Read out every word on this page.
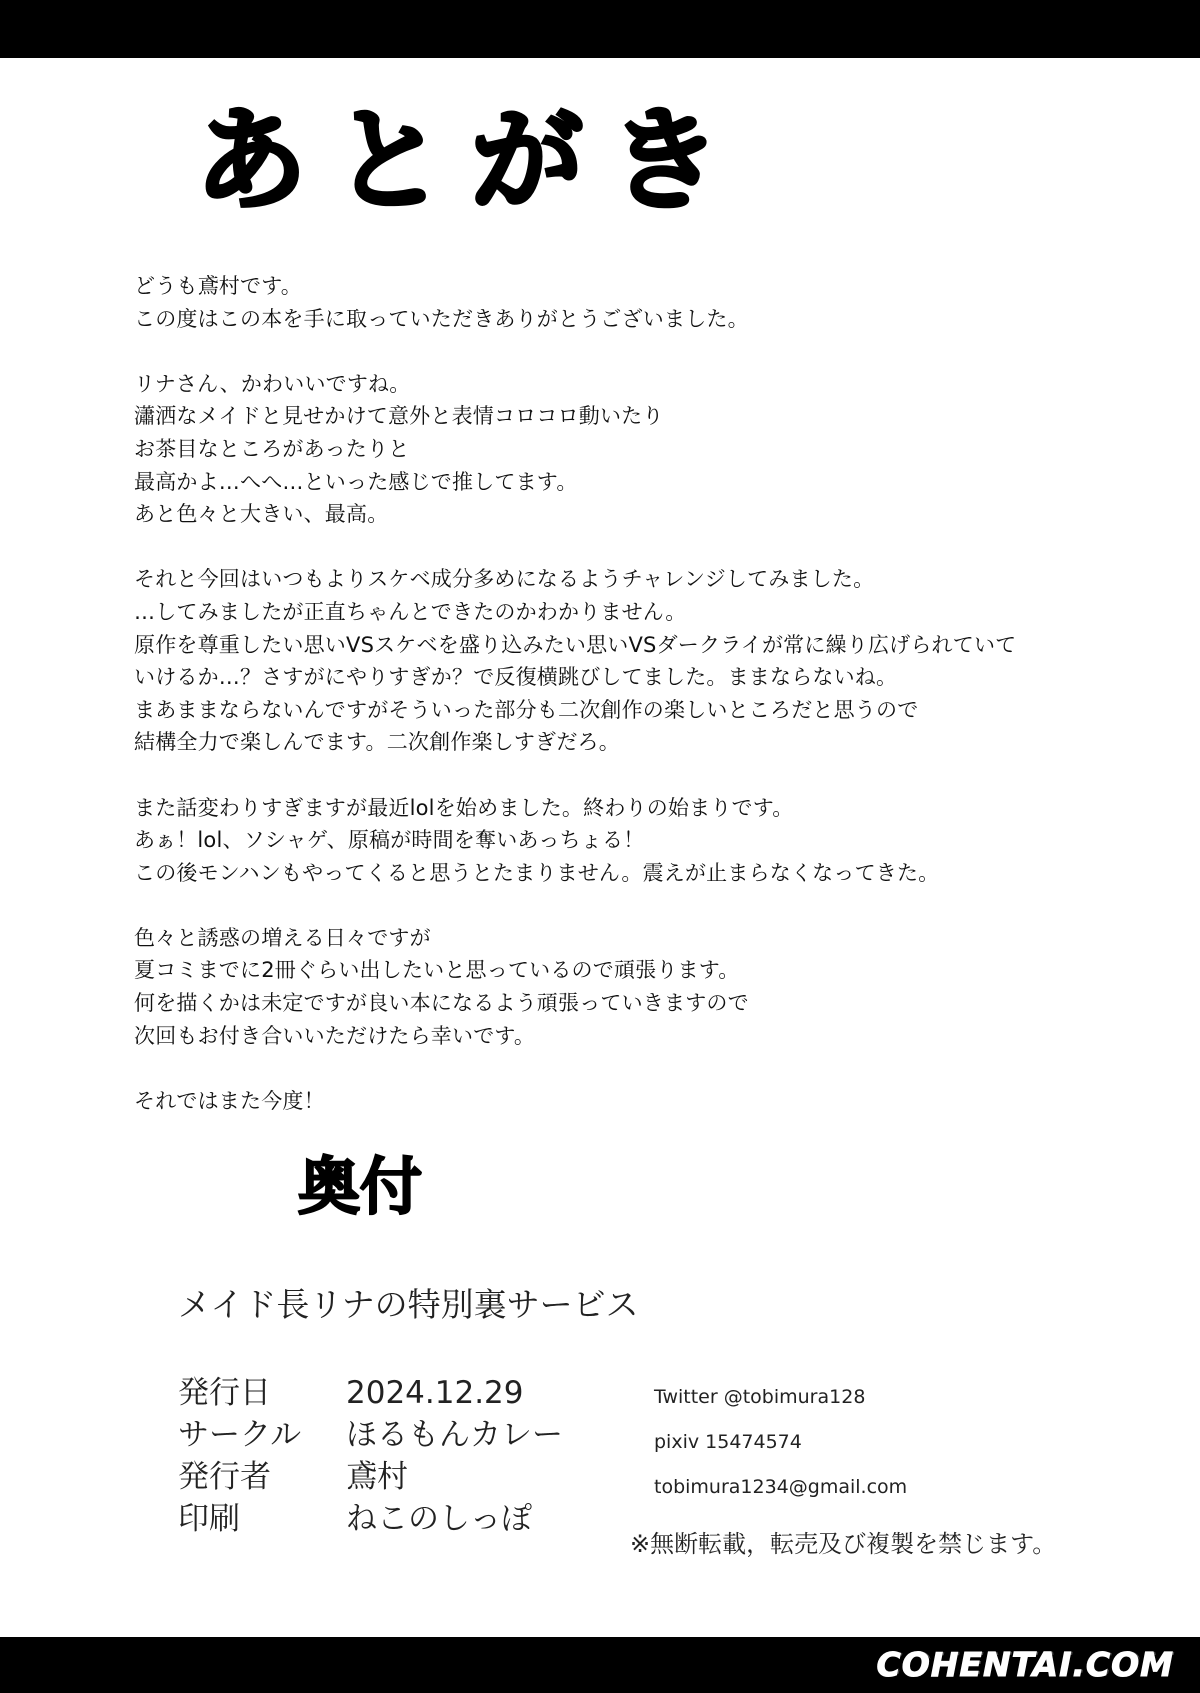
あとがき
どうも鳶村です。
この度はこの本を手に取っていただきありがとうございました。
リナさん、かわいいですね。
瀟洒なメイドと見せかけて意外と表情コロコロ動いたり
お茶目なところがあったりと
最高かよ…へへ…といった感じで推してます。
あと色々と大きい、最高。
それと今回はいつもよりスケベ成分多めになるようチャレンジしてみました。
…してみましたが正直ちゃんとできたのかわかりません。
原作を尊重したい思いVSスケベを盛り込みたい思いVSダークライが常に繰り広げられていて
いけるか…？さすがにやりすぎか？で反復横跳びしてました。ままならないね。
まあままならないんですがそういった部分も二次創作の楽しいところだと思うので
結構全力で楽しんでます。二次創作楽しすぎだろ。
また話変わりすぎますが最近lolを始めました。終わりの始まりです。
あぁ！lol、ソシャゲ、原稿が時間を奪いあっちょる！
この後モンハンもやってくると思うとたまりません。震えが止まらなくなってきた。
色々と誘惑の増える日々ですが
夏コミまでに2冊ぐらい出したいと思っているので頑張ります。
何を描くかは未定ですが良い本になるよう頑張っていきますので
次回もお付き合いいただけたら幸いです。
それではまた今度！
奥付
メイド長リナの特別裏サービス
発行日 2024.12.29
サークル ほるもんカレー
発行者 鳶村
印刷	ねこのしっぽ
Twitter @tobimura128
pixiv 15474574
tobimura1234@gmail.com
※無断転載，転売及び複製を禁じます。
COHENTAI.COM
